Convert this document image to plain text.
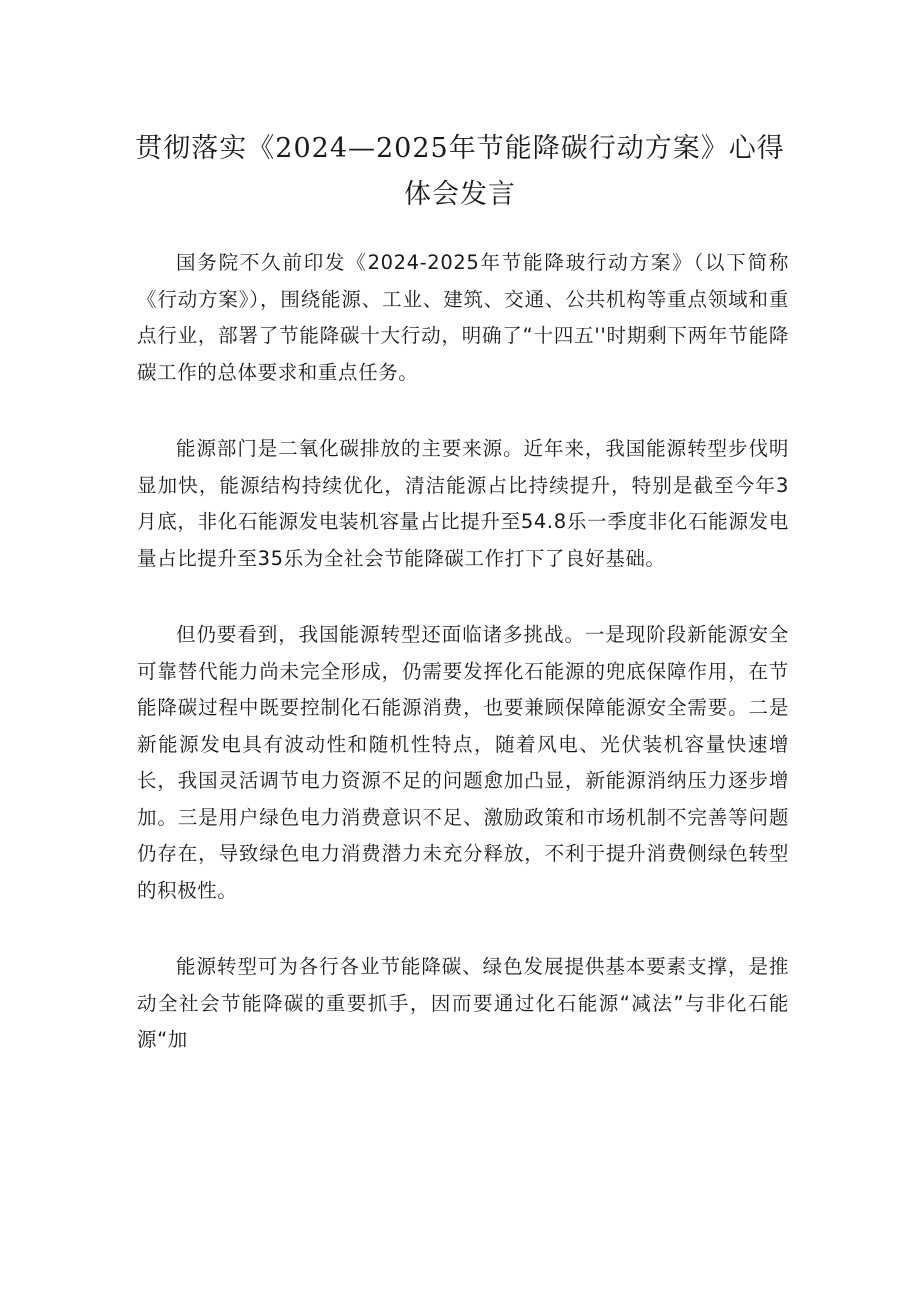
贯彻落实《2024—2025年节能降碳行动方案》心得
体会发言

国务院不久前印发《2024-2025年节能降玻行动方案》（以下简称《行动方案》），围绕能源、工业、建筑、交通、公共机构等重点领域和重点行业，部署了节能降碳十大行动，明确了“十四五''时期剩下两年节能降碳工作的总体要求和重点任务。

能源部门是二氧化碳排放的主要来源。近年来，我国能源转型步伐明显加快，能源结构持续优化，清洁能源占比持续提升，特别是截至今年3月底，非化石能源发电装机容量占比提升至54.8乐一季度非化石能源发电量占比提升至35乐为全社会节能降碳工作打下了良好基础。

但仍要看到，我国能源转型还面临诸多挑战。一是现阶段新能源安全可靠替代能力尚未完全形成，仍需要发挥化石能源的兜底保障作用，在节能降碳过程中既要控制化石能源消费，也要兼顾保障能源安全需要。二是新能源发电具有波动性和随机性特点，随着风电、光伏装机容量快速增长，我国灵活调节电力资源不足的问题愈加凸显，新能源消纳压力逐步增加。三是用户绿色电力消费意识不足、激励政策和市场机制不完善等问题仍存在，导致绿色电力消费潜力未充分释放，不利于提升消费侧绿色转型的积极性。

能源转型可为各行各业节能降碳、绿色发展提供基本要素支撑，是推动全社会节能降碳的重要抓手，因而要通过化石能源“减法”与非化石能源“加
